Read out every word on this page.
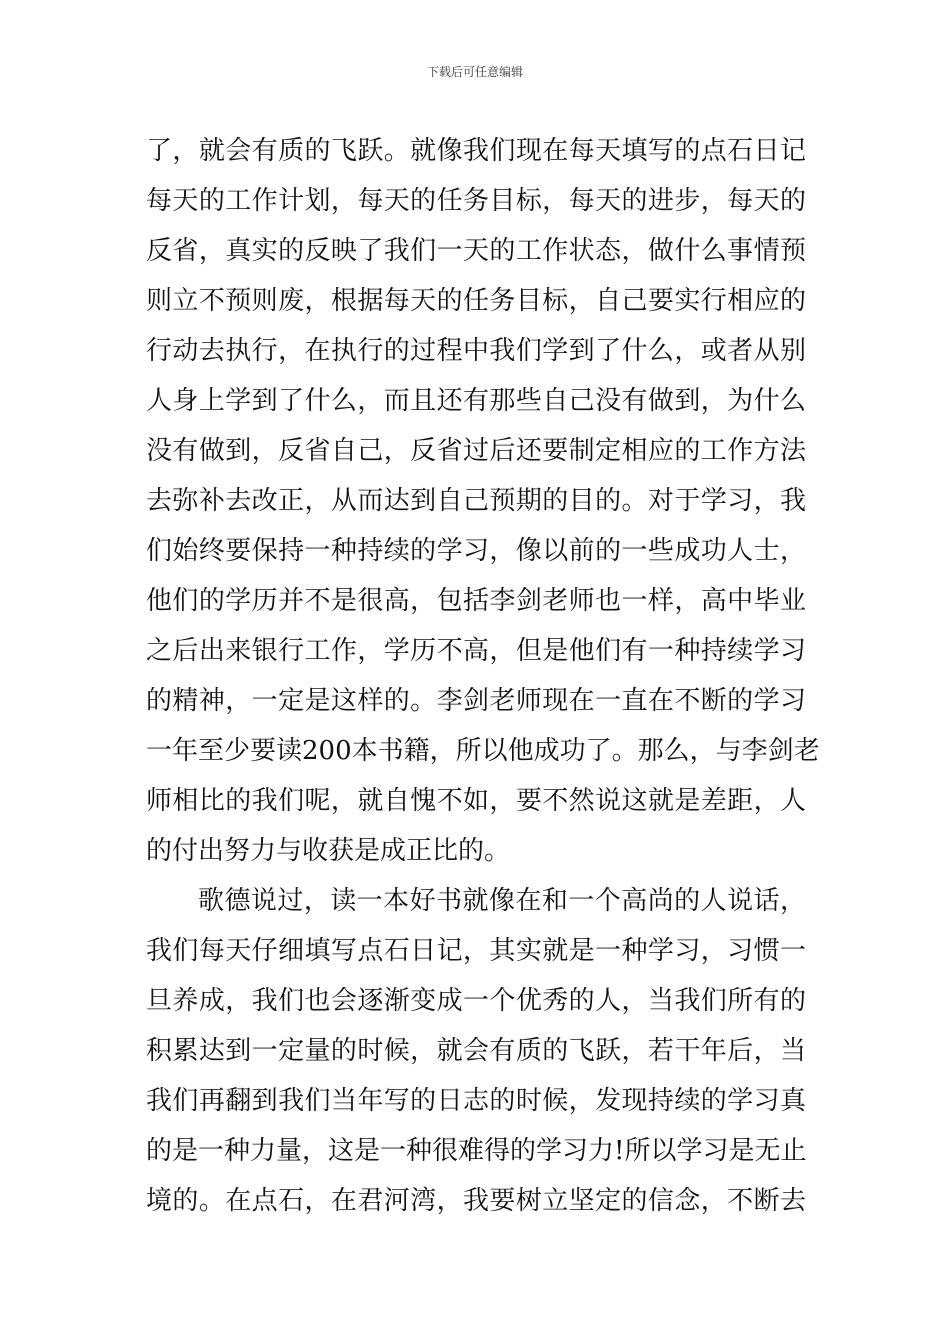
下载后可任意编辑
了，就会有质的飞跃。就像我们现在每天填写的点石日记
每天的工作计划，每天的任务目标，每天的进步，每天的
反省，真实的反映了我们一天的工作状态，做什么事情预
则立不预则废，根据每天的任务目标，自己要实行相应的
行动去执行，在执行的过程中我们学到了什么，或者从别
人身上学到了什么，而且还有那些自己没有做到，为什么
没有做到，反省自己，反省过后还要制定相应的工作方法
去弥补去改正，从而达到自己预期的目的。对于学习，我
们始终要保持一种持续的学习，像以前的一些成功人士，
他们的学历并不是很高，包括李剑老师也一样，高中毕业
之后出来银行工作，学历不高，但是他们有一种持续学习
的精神，一定是这样的。李剑老师现在一直在不断的学习
一年至少要读200本书籍，所以他成功了。那么，与李剑老
师相比的我们呢，就自愧不如，要不然说这就是差距，人
的付出努力与收获是成正比的。
歌德说过，读一本好书就像在和一个高尚的人说话，
我们每天仔细填写点石日记，其实就是一种学习，习惯一
旦养成，我们也会逐渐变成一个优秀的人，当我们所有的
积累达到一定量的时候，就会有质的飞跃，若干年后，当
我们再翻到我们当年写的日志的时候，发现持续的学习真
的是一种力量，这是一种很难得的学习力!所以学习是无止
境的。在点石，在君河湾，我要树立坚定的信念，不断去
